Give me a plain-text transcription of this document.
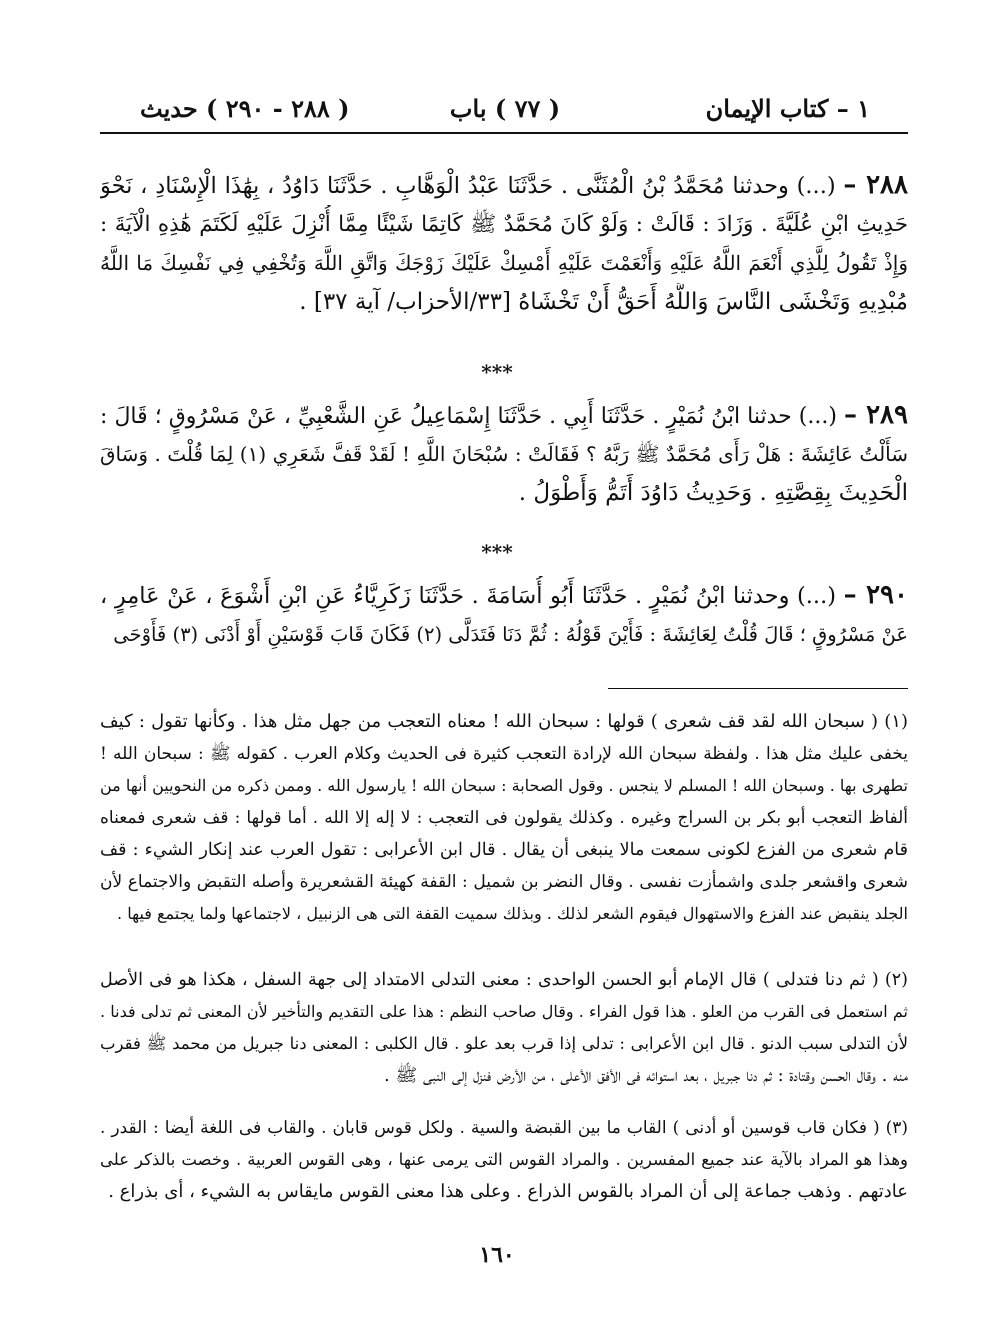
١ – كتاب الإيمان
( ٧٧ ) باب
( ٢٨٨ - ٢٩٠ ) حديث
٢٨٨ – (...) وحدثنا مُحَمَّدُ بْنُ الْمُثَنَّى . حَدَّثَنَا عَبْدُ الْوَهَّابِ . حَدَّثَنَا دَاوُدُ ، بِهَٰذَا الْإِسْنَادِ ، نَحْوَ
حَدِيثِ ابْنِ عُلَيَّةَ . وَزَادَ : قَالَتْ : وَلَوْ كَانَ مُحَمَّدٌ ﷺ كَاتِمًا شَيْئًا مِمَّا أُنْزِلَ عَلَيْهِ لَكَتَمَ هَٰذِهِ الْآيَةَ :
وَإِذْ تَقُولُ لِلَّذِي أَنْعَمَ اللَّهُ عَلَيْهِ وَأَنْعَمْتَ عَلَيْهِ أَمْسِكْ عَلَيْكَ زَوْجَكَ وَاتَّقِ اللَّهَ وَتُخْفِي فِي نَفْسِكَ مَا اللَّهُ
مُبْدِيهِ وَتَخْشَى النَّاسَ وَاللَّهُ أَحَقُّ أَنْ تَخْشَاهُ [٣٣/الأحزاب/ آية ٣٧] .
***
٢٨٩ – (...) حدثنا ابْنُ نُمَيْرٍ . حَدَّثَنَا أَبِي . حَدَّثَنَا إِسْمَاعِيلُ عَنِ الشَّعْبِيِّ ، عَنْ مَسْرُوقٍ ؛ قَالَ :
سَأَلْتُ عَائِشَةَ : هَلْ رَأَى مُحَمَّدٌ ﷺ رَبَّهُ ؟ فَقَالَتْ : سُبْحَانَ اللَّهِ ! لَقَدْ قَفَّ شَعَرِي (١) لِمَا قُلْتَ . وَسَاقَ
الْحَدِيثَ بِقِصَّتِهِ . وَحَدِيثُ دَاوُدَ أَتَمُّ وَأَطْوَلُ .
***
٢٩٠ – (...) وحدثنا ابْنُ نُمَيْرٍ . حَدَّثَنَا أَبُو أُسَامَةَ . حَدَّثَنَا زَكَرِيَّاءُ عَنِ ابْنِ أَشْوَعَ ، عَنْ عَامِرٍ ،
عَنْ مَسْرُوقٍ ؛ قَالَ قُلْتُ لِعَائِشَةَ : فَأَيْنَ قَوْلُهُ : ثُمَّ دَنَا فَتَدَلَّى (٢) فَكَانَ قَابَ قَوْسَيْنِ أَوْ أَدْنَى (٣) فَأَوْحَى
(١) ( سبحان الله لقد قف شعرى ) قولها : سبحان الله ! معناه التعجب من جهل مثل هذا . وكأنها تقول : كيف
يخفى عليك مثل هذا . ولفظة سبحان الله لإرادة التعجب كثيرة فى الحديث وكلام العرب . كقوله ﷺ : سبحان الله !
تطهرى بها . وسبحان الله ! المسلم لا ينجس . وقول الصحابة : سبحان الله ! يارسول الله . وممن ذكره من النحويين أنها من
ألفاظ التعجب أبو بكر بن السراج وغيره . وكذلك يقولون فى التعجب : لا إله إلا الله . أما قولها : قف شعرى فمعناه
قام شعرى من الفزع لكونى سمعت مالا ينبغى أن يقال . قال ابن الأعرابى : تقول العرب عند إنكار الشيء : قف
شعرى واقشعر جلدى واشمأزت نفسى . وقال النضر بن شميل : القفة كهيئة القشعريرة وأصله التقبض والاجتماع لأن
الجلد ينقبض عند الفزع والاستهوال فيقوم الشعر لذلك . وبذلك سميت القفة التى هى الزنبيل ، لاجتماعها ولما يجتمع فيها .
(٢) ( ثم دنا فتدلى ) قال الإمام أبو الحسن الواحدى : معنى التدلى الامتداد إلى جهة السفل ، هكذا هو فى الأصل
ثم استعمل فى القرب من العلو . هذا قول الفراء . وقال صاحب النظم : هذا على التقديم والتأخير لأن المعنى ثم تدلى فدنا .
لأن التدلى سبب الدنو . قال ابن الأعرابى : تدلى إذا قرب بعد علو . قال الكلبى : المعنى دنا جبريل من محمد ﷺ فقرب
منه . وقال الحسن وقتادة : ثم دنا جبريل ، بعد استوائه فى الأفق الأعلى ، من الأرض فنزل إلى النبى ﷺ .
(٣) ( فكان قاب قوسين أو أدنى ) القاب ما بين القبضة والسية . ولكل قوس قابان . والقاب فى اللغة أيضا : القدر .
وهذا هو المراد بالآية عند جميع المفسرين . والمراد القوس التى يرمى عنها ، وهى القوس العربية . وخصت بالذكر على
عادتهم . وذهب جماعة إلى أن المراد بالقوس الذراع . وعلى هذا معنى القوس مايقاس به الشيء ، أى بذراع .
١٦٠
